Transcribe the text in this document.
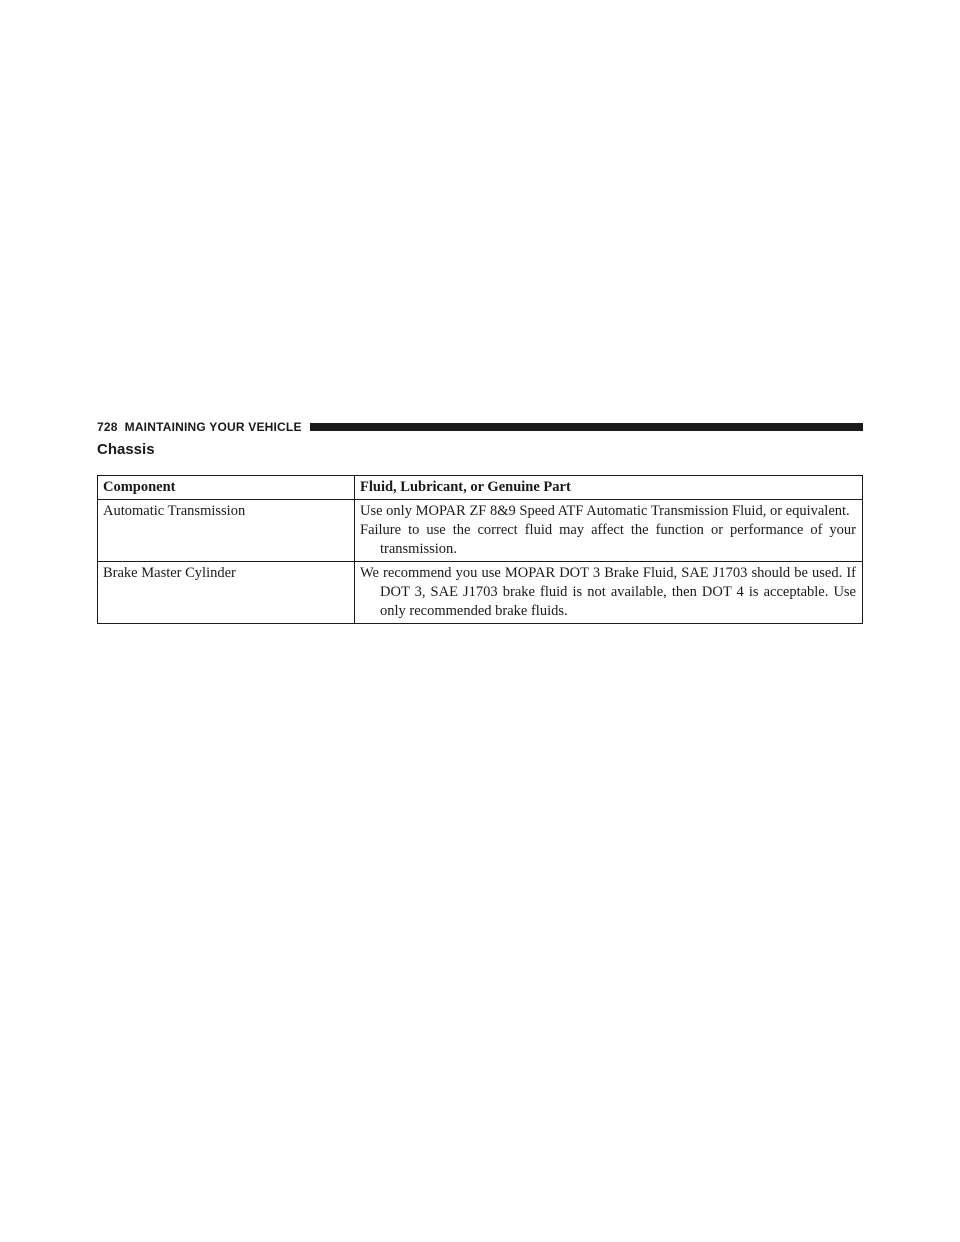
728 MAINTAINING YOUR VEHICLE
Chassis
Component	Fluid, Lubricant, or Genuine Part
Automatic Transmission	Use only MOPAR ZF 8&9 Speed ATF Automatic Transmission Fluid, or equivalent.

Failure to use the correct fluid may affect the function or performance of your transmission.

Brake Master Cylinder	We recommend you use MOPAR DOT 3 Brake Fluid, SAE J1703 should be used. If DOT 3, SAE J1703 brake fluid is not available, then DOT 4 is acceptable. Use only recommended brake fluids.
